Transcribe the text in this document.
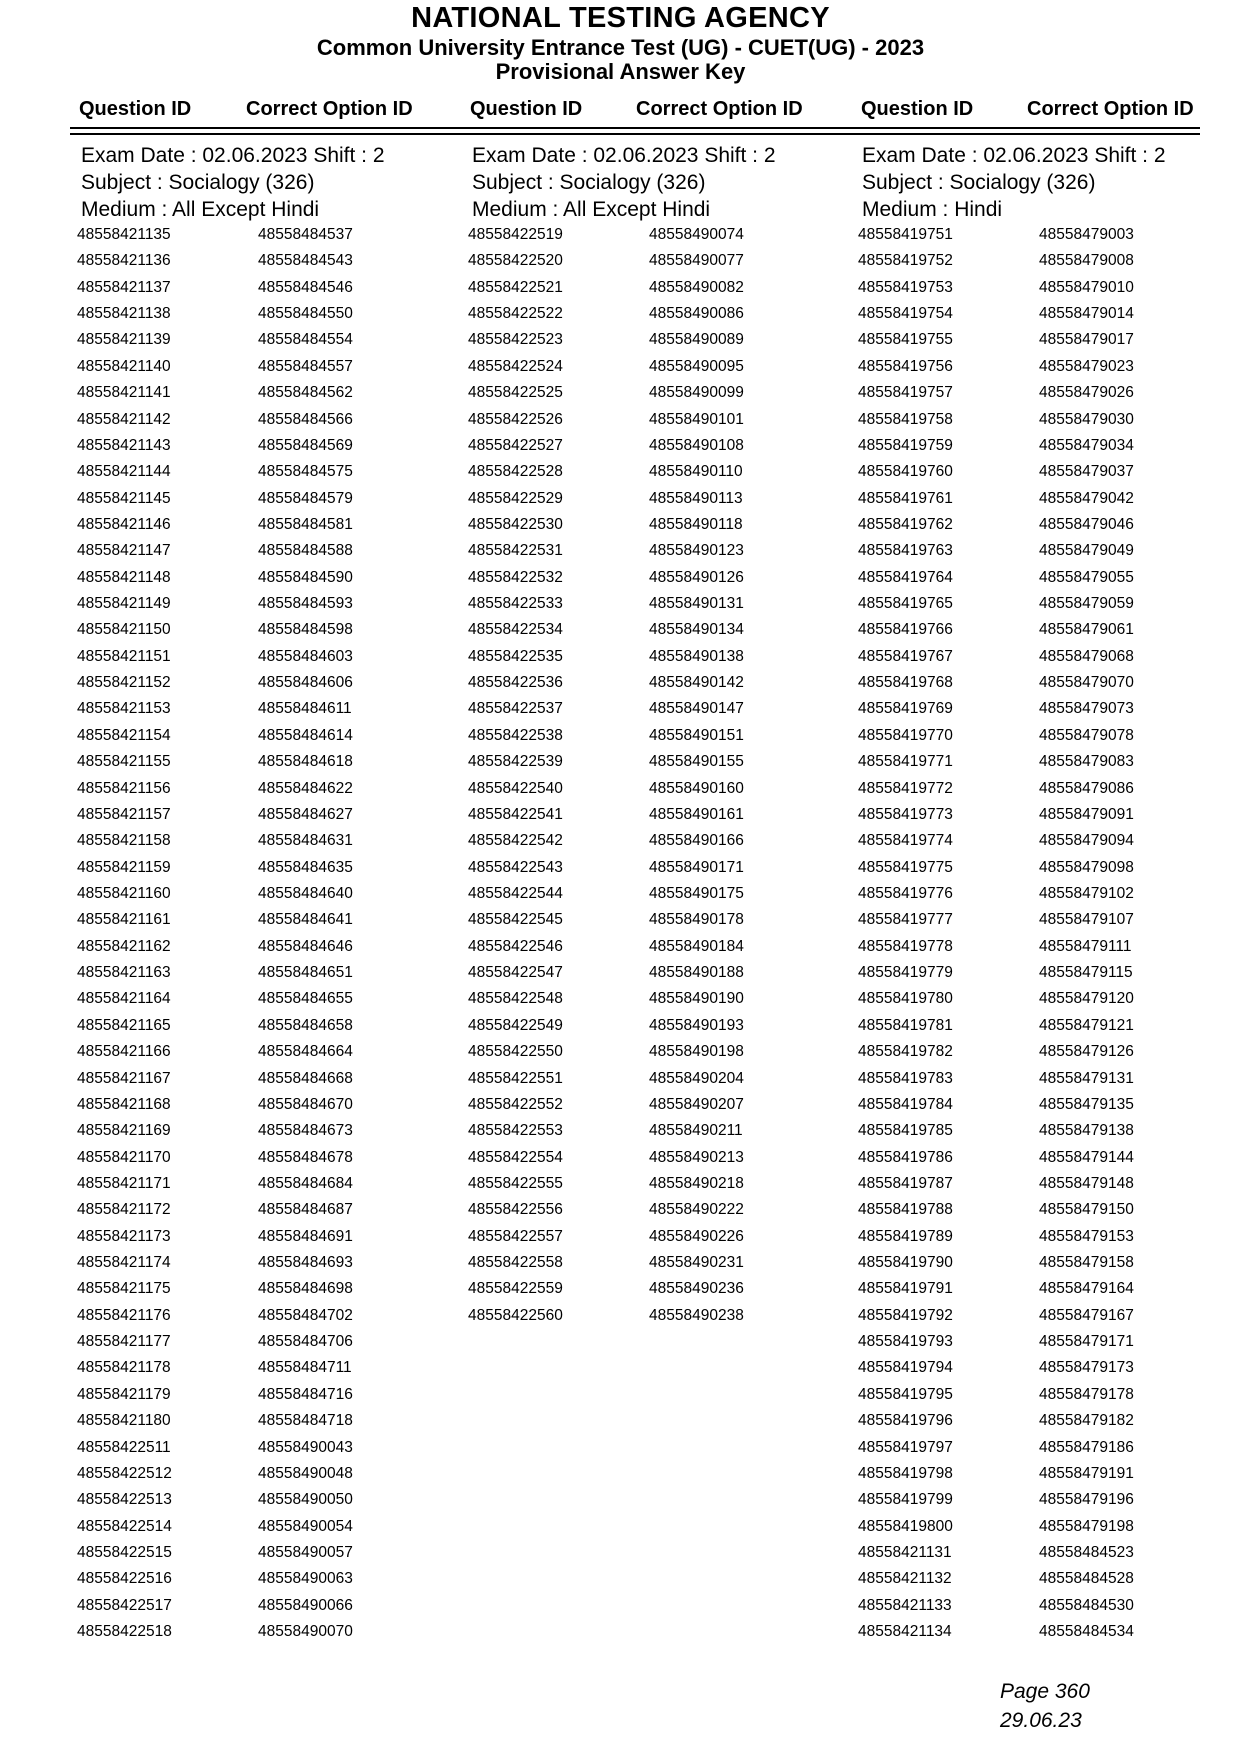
NATIONAL TESTING AGENCY
Common University Entrance Test (UG) - CUET(UG) - 2023
Provisional Answer Key
Question ID	Correct Option ID	Question ID	Correct Option ID	Question ID	Correct Option ID
Exam Date : 02.06.2023 Shift : 2
Subject : Socialogy (326)
Medium : All Except Hindi
48558421135	48558484537
48558421136	48558484543
48558421137	48558484546
48558421138	48558484550
48558421139	48558484554
48558421140	48558484557
48558421141	48558484562
48558421142	48558484566
48558421143	48558484569
48558421144	48558484575
48558421145	48558484579
48558421146	48558484581
48558421147	48558484588
48558421148	48558484590
48558421149	48558484593
48558421150	48558484598
48558421151	48558484603
48558421152	48558484606
48558421153	48558484611
48558421154	48558484614
48558421155	48558484618
48558421156	48558484622
48558421157	48558484627
48558421158	48558484631
48558421159	48558484635
48558421160	48558484640
48558421161	48558484641
48558421162	48558484646
48558421163	48558484651
48558421164	48558484655
48558421165	48558484658
48558421166	48558484664
48558421167	48558484668
48558421168	48558484670
48558421169	48558484673
48558421170	48558484678
48558421171	48558484684
48558421172	48558484687
48558421173	48558484691
48558421174	48558484693
48558421175	48558484698
48558421176	48558484702
48558421177	48558484706
48558421178	48558484711
48558421179	48558484716
48558421180	48558484718
48558422511	48558490043
48558422512	48558490048
48558422513	48558490050
48558422514	48558490054
48558422515	48558490057
48558422516	48558490063
48558422517	48558490066
48558422518	48558490070
Exam Date : 02.06.2023 Shift : 2
Subject : Socialogy (326)
Medium : All Except Hindi
48558422519	48558490074
48558422520	48558490077
48558422521	48558490082
48558422522	48558490086
48558422523	48558490089
48558422524	48558490095
48558422525	48558490099
48558422526	48558490101
48558422527	48558490108
48558422528	48558490110
48558422529	48558490113
48558422530	48558490118
48558422531	48558490123
48558422532	48558490126
48558422533	48558490131
48558422534	48558490134
48558422535	48558490138
48558422536	48558490142
48558422537	48558490147
48558422538	48558490151
48558422539	48558490155
48558422540	48558490160
48558422541	48558490161
48558422542	48558490166
48558422543	48558490171
48558422544	48558490175
48558422545	48558490178
48558422546	48558490184
48558422547	48558490188
48558422548	48558490190
48558422549	48558490193
48558422550	48558490198
48558422551	48558490204
48558422552	48558490207
48558422553	48558490211
48558422554	48558490213
48558422555	48558490218
48558422556	48558490222
48558422557	48558490226
48558422558	48558490231
48558422559	48558490236
48558422560	48558490238
Exam Date : 02.06.2023 Shift : 2
Subject : Socialogy (326)
Medium : Hindi
48558419751	48558479003
48558419752	48558479008
48558419753	48558479010
48558419754	48558479014
48558419755	48558479017
48558419756	48558479023
48558419757	48558479026
48558419758	48558479030
48558419759	48558479034
48558419760	48558479037
48558419761	48558479042
48558419762	48558479046
48558419763	48558479049
48558419764	48558479055
48558419765	48558479059
48558419766	48558479061
48558419767	48558479068
48558419768	48558479070
48558419769	48558479073
48558419770	48558479078
48558419771	48558479083
48558419772	48558479086
48558419773	48558479091
48558419774	48558479094
48558419775	48558479098
48558419776	48558479102
48558419777	48558479107
48558419778	48558479111
48558419779	48558479115
48558419780	48558479120
48558419781	48558479121
48558419782	48558479126
48558419783	48558479131
48558419784	48558479135
48558419785	48558479138
48558419786	48558479144
48558419787	48558479148
48558419788	48558479150
48558419789	48558479153
48558419790	48558479158
48558419791	48558479164
48558419792	48558479167
48558419793	48558479171
48558419794	48558479173
48558419795	48558479178
48558419796	48558479182
48558419797	48558479186
48558419798	48558479191
48558419799	48558479196
48558419800	48558479198
48558421131	48558484523
48558421132	48558484528
48558421133	48558484530
48558421134	48558484534
Page 360
29.06.23
